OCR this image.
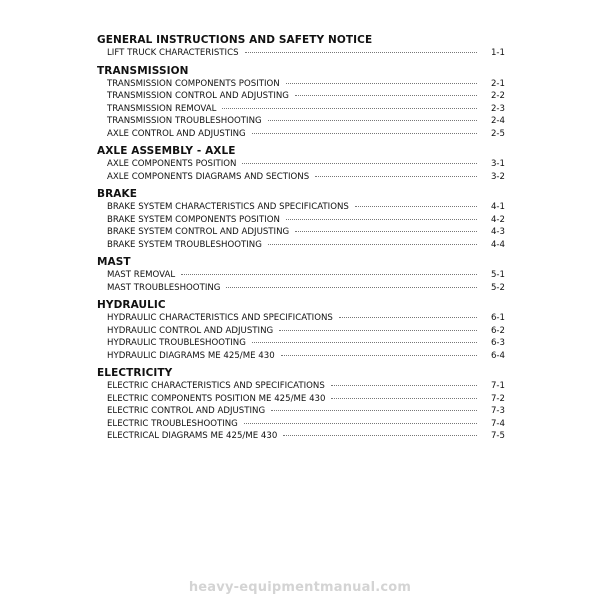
GENERAL INSTRUCTIONS AND SAFETY NOTICE
LIFT TRUCK CHARACTERISTICS	1-1
TRANSMISSION
TRANSMISSION COMPONENTS POSITION	2-1
TRANSMISSION CONTROL AND ADJUSTING	2-2
TRANSMISSION REMOVAL	2-3
TRANSMISSION TROUBLESHOOTING	2-4
AXLE CONTROL AND ADJUSTING	2-5
AXLE ASSEMBLY - AXLE
AXLE COMPONENTS POSITION	3-1
AXLE COMPONENTS DIAGRAMS AND SECTIONS	3-2
BRAKE
BRAKE SYSTEM CHARACTERISTICS AND SPECIFICATIONS	4-1
BRAKE SYSTEM COMPONENTS POSITION	4-2
BRAKE SYSTEM CONTROL AND ADJUSTING	4-3
BRAKE SYSTEM TROUBLESHOOTING	4-4
MAST
MAST REMOVAL	5-1
MAST TROUBLESHOOTING	5-2
HYDRAULIC
HYDRAULIC CHARACTERISTICS AND SPECIFICATIONS	6-1
HYDRAULIC CONTROL AND ADJUSTING	6-2
HYDRAULIC TROUBLESHOOTING	6-3
HYDRAULIC DIAGRAMS ME 425/ME 430	6-4
ELECTRICITY
ELECTRIC CHARACTERISTICS AND SPECIFICATIONS	7-1
ELECTRIC COMPONENTS POSITION ME 425/ME 430	7-2
ELECTRIC CONTROL AND ADJUSTING	7-3
ELECTRIC TROUBLESHOOTING	7-4
ELECTRICAL DIAGRAMS ME 425/ME 430	7-5
heavy-equipmentmanual.com
